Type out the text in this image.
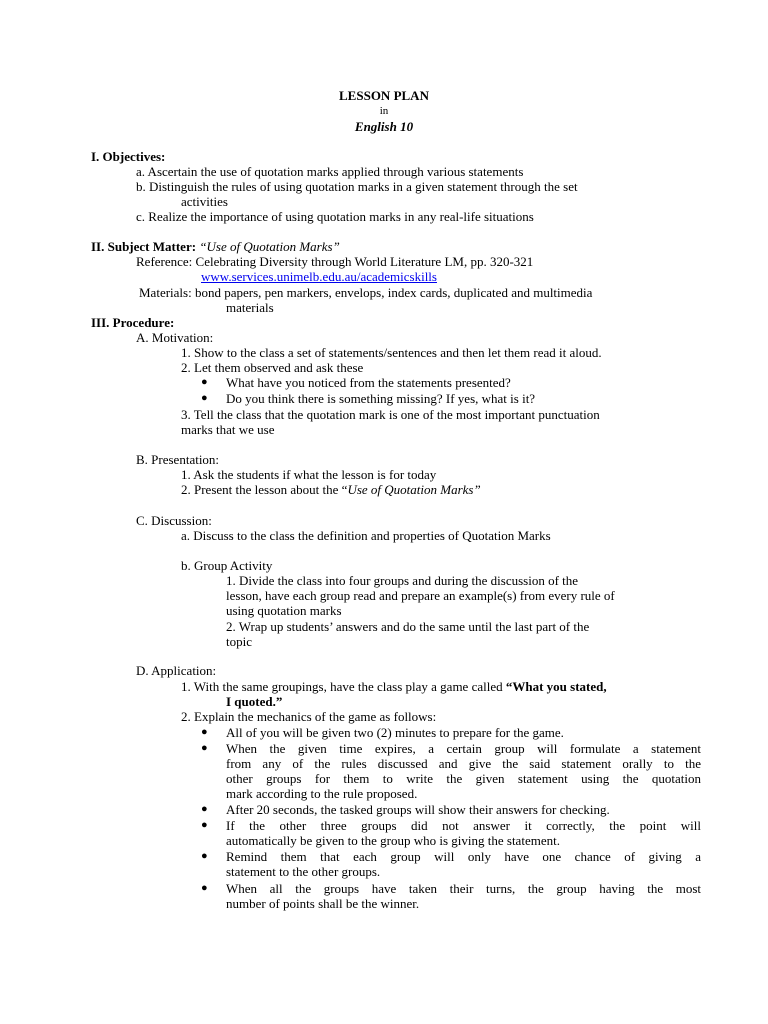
LESSON PLAN
in
English 10
I. Objectives:
a. Ascertain the use of quotation marks applied through various statements
b. Distinguish the rules of using quotation marks in a given statement through the set
activities
c. Realize the importance of using quotation marks in any real-life situations
II. Subject Matter: “Use of Quotation Marks”
Reference: Celebrating Diversity through World Literature LM, pp. 320-321
www.services.unimelb.edu.au/academicskills
Materials: bond papers, pen markers, envelops, index cards, duplicated and multimedia
materials
III. Procedure:
A. Motivation:
1. Show to the class a set of statements/sentences and then let them read it aloud.
2. Let them observed and ask these
● What have you noticed from the statements presented?
● Do you think there is something missing? If yes, what is it?
3. Tell the class that the quotation mark is one of the most important punctuation
marks that we use
B. Presentation:
1. Ask the students if what the lesson is for today
2. Present the lesson about the “Use of Quotation Marks”
C. Discussion:
a. Discuss to the class the definition and properties of Quotation Marks
b. Group Activity
1. Divide the class into four groups and during the discussion of the
lesson, have each group read and prepare an example(s) from every rule of
using quotation marks
2. Wrap up students’ answers and do the same until the last part of the
topic
D. Application:
1. With the same groupings, have the class play a game called “What you stated,
I quoted.”
2. Explain the mechanics of the game as follows:
● All of you will be given two (2) minutes to prepare for the game.
● When the given time expires, a certain group will formulate a statement
from any of the rules discussed and give the said statement orally to the
other groups for them to write the given statement using the quotation
mark according to the rule proposed.
● After 20 seconds, the tasked groups will show their answers for checking.
● If the other three groups did not answer it correctly, the point will
automatically be given to the group who is giving the statement.
● Remind them that each group will only have one chance of giving a
statement to the other groups.
● When all the groups have taken their turns, the group having the most
number of points shall be the winner.
